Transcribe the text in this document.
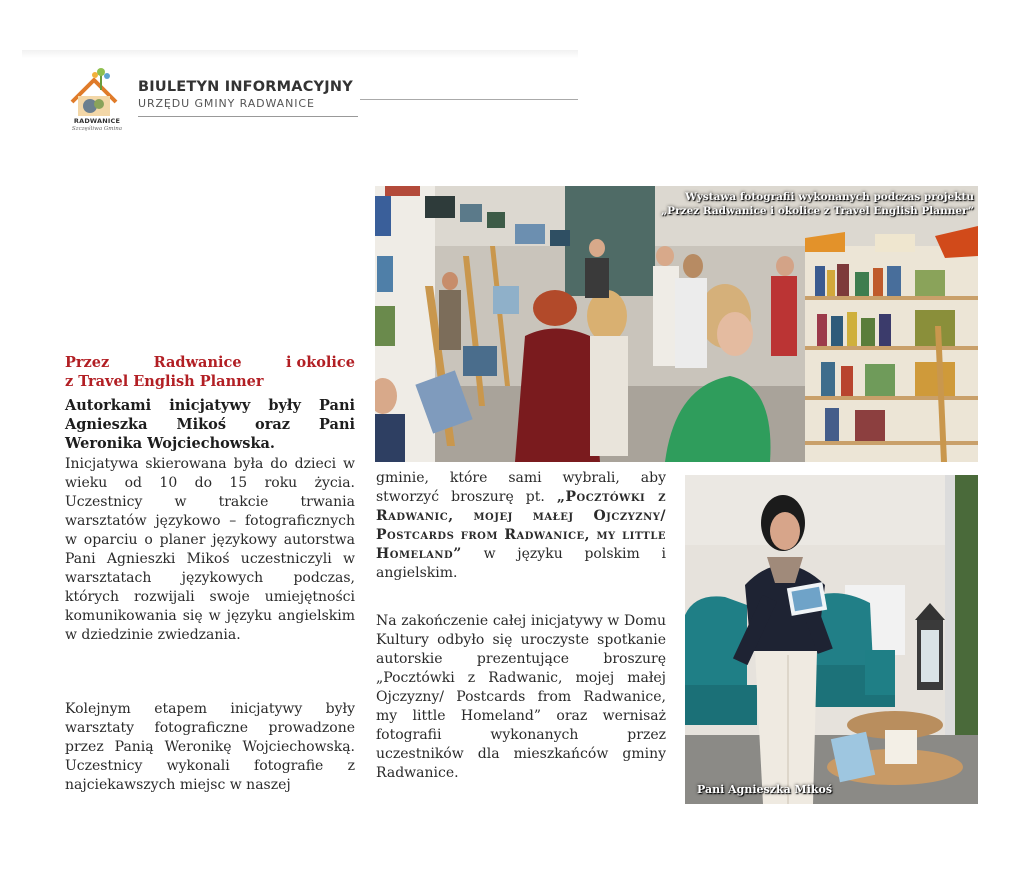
RADWANICE
Szczęśliwa Gmina
BIULETYN INFORMACYJNY
URZĘDU GMINY RADWANICE
Wystawa fotografii wykonanych podczas projektu
„Przez Radwanice i okolice z Travel English Planner”
Pani Agnieszka Mikoś
Przez	Radwanice	i okolice
z Travel English Planner
Autorkami inicjatywy były Pani Agnieszka Mikoś oraz Pani Weronika Wojciechowska.
Inicjatywa skierowana była do dzieci w wieku od 10 do 15 roku życia. Uczestnicy w trakcie trwania warsztatów językowo – fotograficznych w oparciu o planer językowy autorstwa Pani Agnieszki Mikoś uczestniczyli w warsztatach językowych podczas, których rozwijali swoje umiejętności komunikowania się w języku angielskim w dziedzinie zwiedzania.
Kolejnym etapem inicjatywy były warsztaty fotograficzne prowadzone przez Panią Weronikę Wojciechowską. Uczestnicy wykonali fotografie z najciekawszych miejsc w naszej
gminie, które sami wybrali, aby stworzyć broszurę pt. „Pocztówki z Radwanic, mojej małej Ojczyzny/ Postcards from Radwanice, my little Homeland” w języku polskim i angielskim.
Na zakończenie całej inicjatywy w Domu Kultury odbyło się uroczyste spotkanie autorskie prezentujące broszurę „Pocztówki z Radwanic, mojej małej Ojczyzny/ Postcards from Radwanice, my little Homeland” oraz wernisaż fotografii wykonanych przez uczestników dla mieszkańców gminy Radwanice.
